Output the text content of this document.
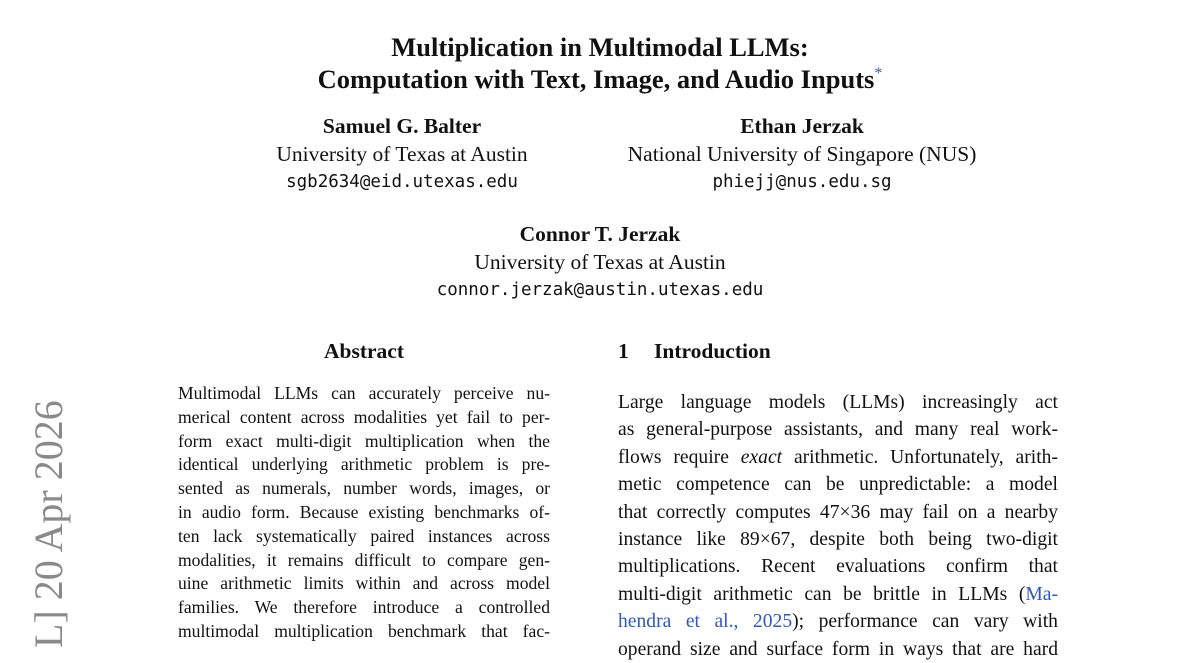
Multiplication in Multimodal LLMs:
Computation with Text, Image, and Audio Inputs*
Samuel G. Balter
University of Texas at Austin
sgb2634@eid.utexas.edu
Ethan Jerzak
National University of Singapore (NUS)
phiejj@nus.edu.sg
Connor T. Jerzak
University of Texas at Austin
connor.jerzak@austin.utexas.edu
Abstract
Multimodal LLMs can accurately perceive nu-
merical content across modalities yet fail to per-
form exact multi-digit multiplication when the
identical underlying arithmetic problem is pre-
sented as numerals, number words, images, or
in audio form. Because existing benchmarks of-
ten lack systematically paired instances across
modalities, it remains difficult to compare gen-
uine arithmetic limits within and across model
families. We therefore introduce a controlled
multimodal multiplication benchmark that fac-
1 Introduction
Large language models (LLMs) increasingly act
as general-purpose assistants, and many real work-
flows require exact arithmetic. Unfortunately, arith-
metic competence can be unpredictable: a model
that correctly computes 47×36 may fail on a nearby
instance like 89×67, despite both being two-digit
multiplications. Recent evaluations confirm that
multi-digit arithmetic can be brittle in LLMs (Ma-
hendra et al., 2025); performance can vary with
operand size and surface form in ways that are hard
L] 20 Apr 2026
